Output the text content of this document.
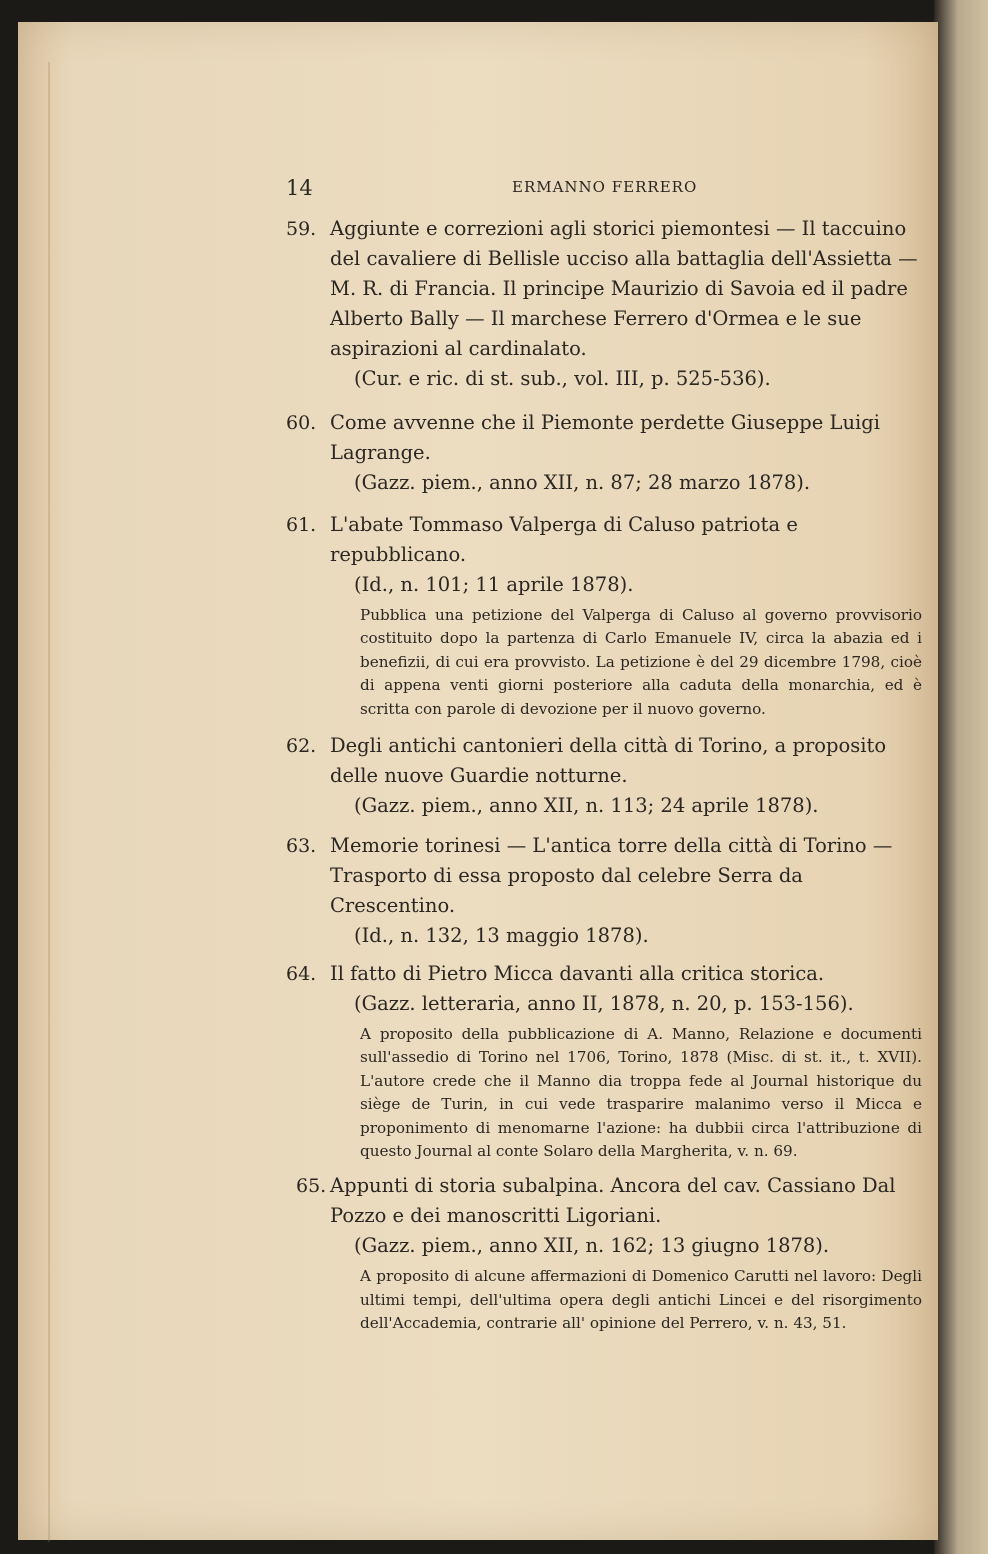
14	ERMANNO FERRERO
59. Aggiunte e correzioni agli storici piemontesi — Il taccuino del cavaliere di Bellisle ucciso alla battaglia dell'Assietta — M. R. di Francia. Il principe Maurizio di Savoia ed il padre Alberto Bally — Il marchese Ferrero d'Ormea e le sue aspirazioni al cardinalato.
(Cur. e ric. di st. sub., vol. III, p. 525-536).
60. Come avvenne che il Piemonte perdette Giuseppe Luigi Lagrange.
(Gazz. piem., anno XII, n. 87; 28 marzo 1878).
61. L'abate Tommaso Valperga di Caluso patriota e repubblicano.
(Id., n. 101; 11 aprile 1878).
Pubblica una petizione del Valperga di Caluso al governo provvisorio costituito dopo la partenza di Carlo Emanuele IV, circa la abazia ed i benefizii, di cui era provvisto. La petizione è del 29 dicembre 1798, cioè di appena venti giorni posteriore alla caduta della monarchia, ed è scritta con parole di devozione per il nuovo governo.
62. Degli antichi cantonieri della città di Torino, a proposito delle nuove Guardie notturne.
(Gazz. piem., anno XII, n. 113; 24 aprile 1878).
63. Memorie torinesi — L'antica torre della città di Torino — Trasporto di essa proposto dal celebre Serra da Crescentino.
(Id., n. 132, 13 maggio 1878).
64. Il fatto di Pietro Micca davanti alla critica storica.
(Gazz. letteraria, anno II, 1878, n. 20, p. 153-156).
A proposito della pubblicazione di A. Manno, Relazione e documenti sull'assedio di Torino nel 1706, Torino, 1878 (Misc. di st. it., t. XVII). L'autore crede che il Manno dia troppa fede al Journal historique du siège de Turin, in cui vede trasparire malanimo verso il Micca e proponimento di menomarne l'azione: ha dubbii circa l'attribuzione di questo Journal al conte Solaro della Margherita, v. n. 69.
65. Appunti di storia subalpina. Ancora del cav. Cassiano Dal Pozzo e dei manoscritti Ligoriani.
(Gazz. piem., anno XII, n. 162; 13 giugno 1878).
A proposito di alcune affermazioni di Domenico Carutti nel lavoro: Degli ultimi tempi, dell'ultima opera degli antichi Lincei e del risorgimento dell'Accademia, contrarie all' opinione del Perrero, v. n. 43, 51.
